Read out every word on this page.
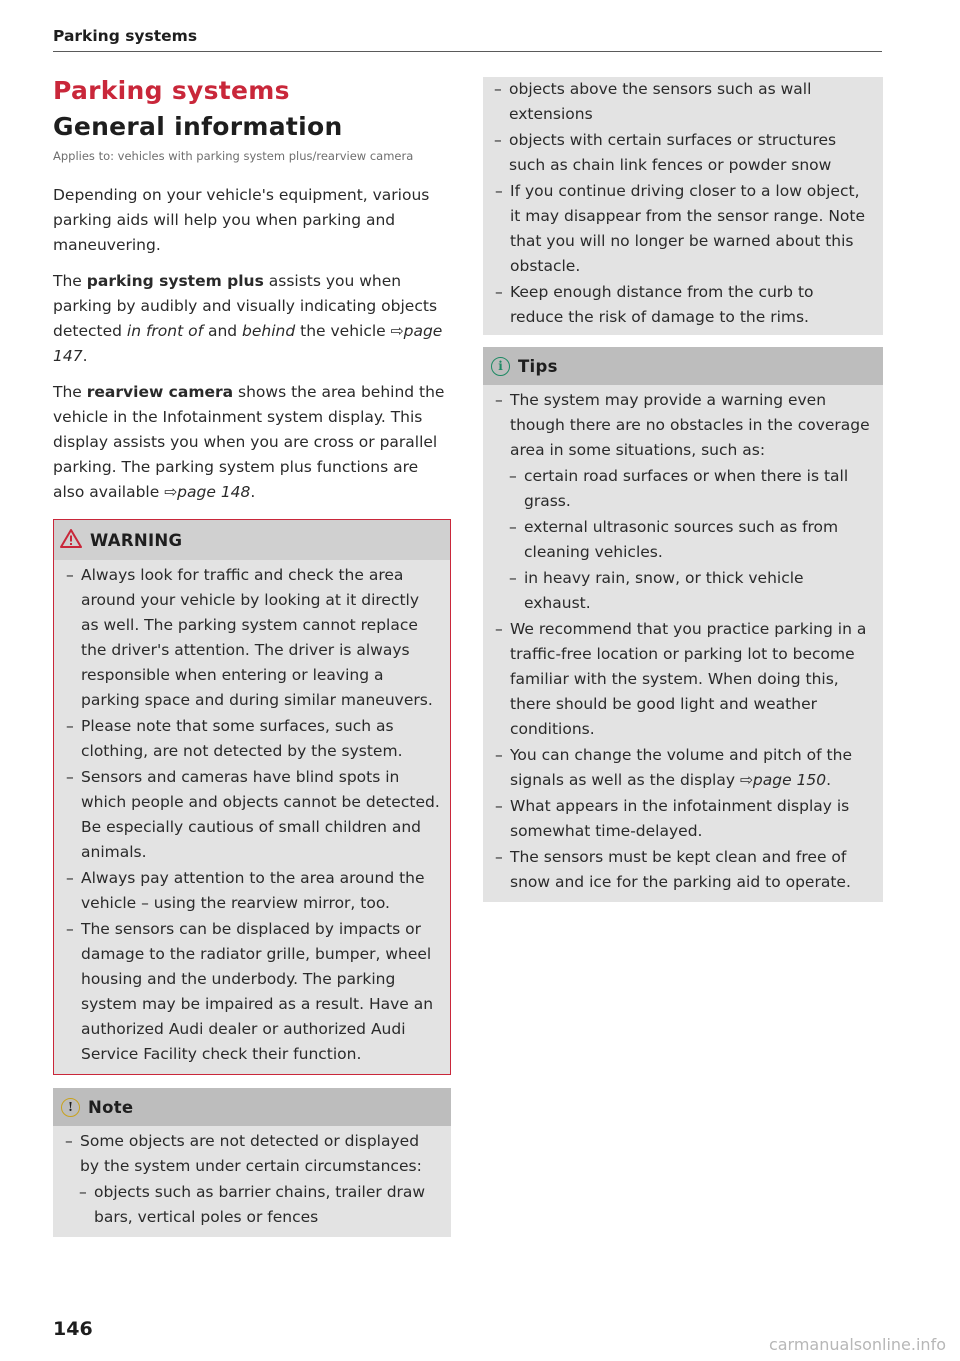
Parking systems
Parking systems
General information
Applies to: vehicles with parking system plus/rearview camera

Depending on your vehicle's equipment, various parking aids will help you when parking and maneuvering.

The parking system plus assists you when parking by audibly and visually indicating objects detected in front of and behind the vehicle ⇨page 147.

The rearview camera shows the area behind the vehicle in the Infotainment system display. This display assists you when you are cross or parallel parking. The parking system plus functions are also available ⇨page 148.

WARNING
– Always look for traffic and check the area around your vehicle by looking at it directly as well. The parking system cannot replace the driver's attention. The driver is always responsible when entering or leaving a parking space and during similar maneuvers.
– Please note that some surfaces, such as clothing, are not detected by the system.
– Sensors and cameras have blind spots in which people and objects cannot be detected. Be especially cautious of small children and animals.
– Always pay attention to the area around the vehicle – using the rearview mirror, too.
– The sensors can be displaced by impacts or damage to the radiator grille, bumper, wheel housing and the underbody. The parking system may be impaired as a result. Have an authorized Audi dealer or authorized Audi Service Facility check their function.
! Note
– Some objects are not detected or displayed by the system under certain circumstances:
– objects such as barrier chains, trailer draw bars, vertical poles or fences
– objects above the sensors such as wall extensions
– objects with certain surfaces or structures such as chain link fences or powder snow
– If you continue driving closer to a low object, it may disappear from the sensor range. Note that you will no longer be warned about this obstacle.
– Keep enough distance from the curb to reduce the risk of damage to the rims.
i Tips
– The system may provide a warning even though there are no obstacles in the coverage area in some situations, such as:
– certain road surfaces or when there is tall grass.
– external ultrasonic sources such as from cleaning vehicles.
– in heavy rain, snow, or thick vehicle exhaust.
– We recommend that you practice parking in a traffic-free location or parking lot to become familiar with the system. When doing this, there should be good light and weather conditions.
– You can change the volume and pitch of the signals as well as the display ⇨page 150.
– What appears in the infotainment display is somewhat time-delayed.
– The sensors must be kept clean and free of snow and ice for the parking aid to operate.
146
carmanualsonline.info
